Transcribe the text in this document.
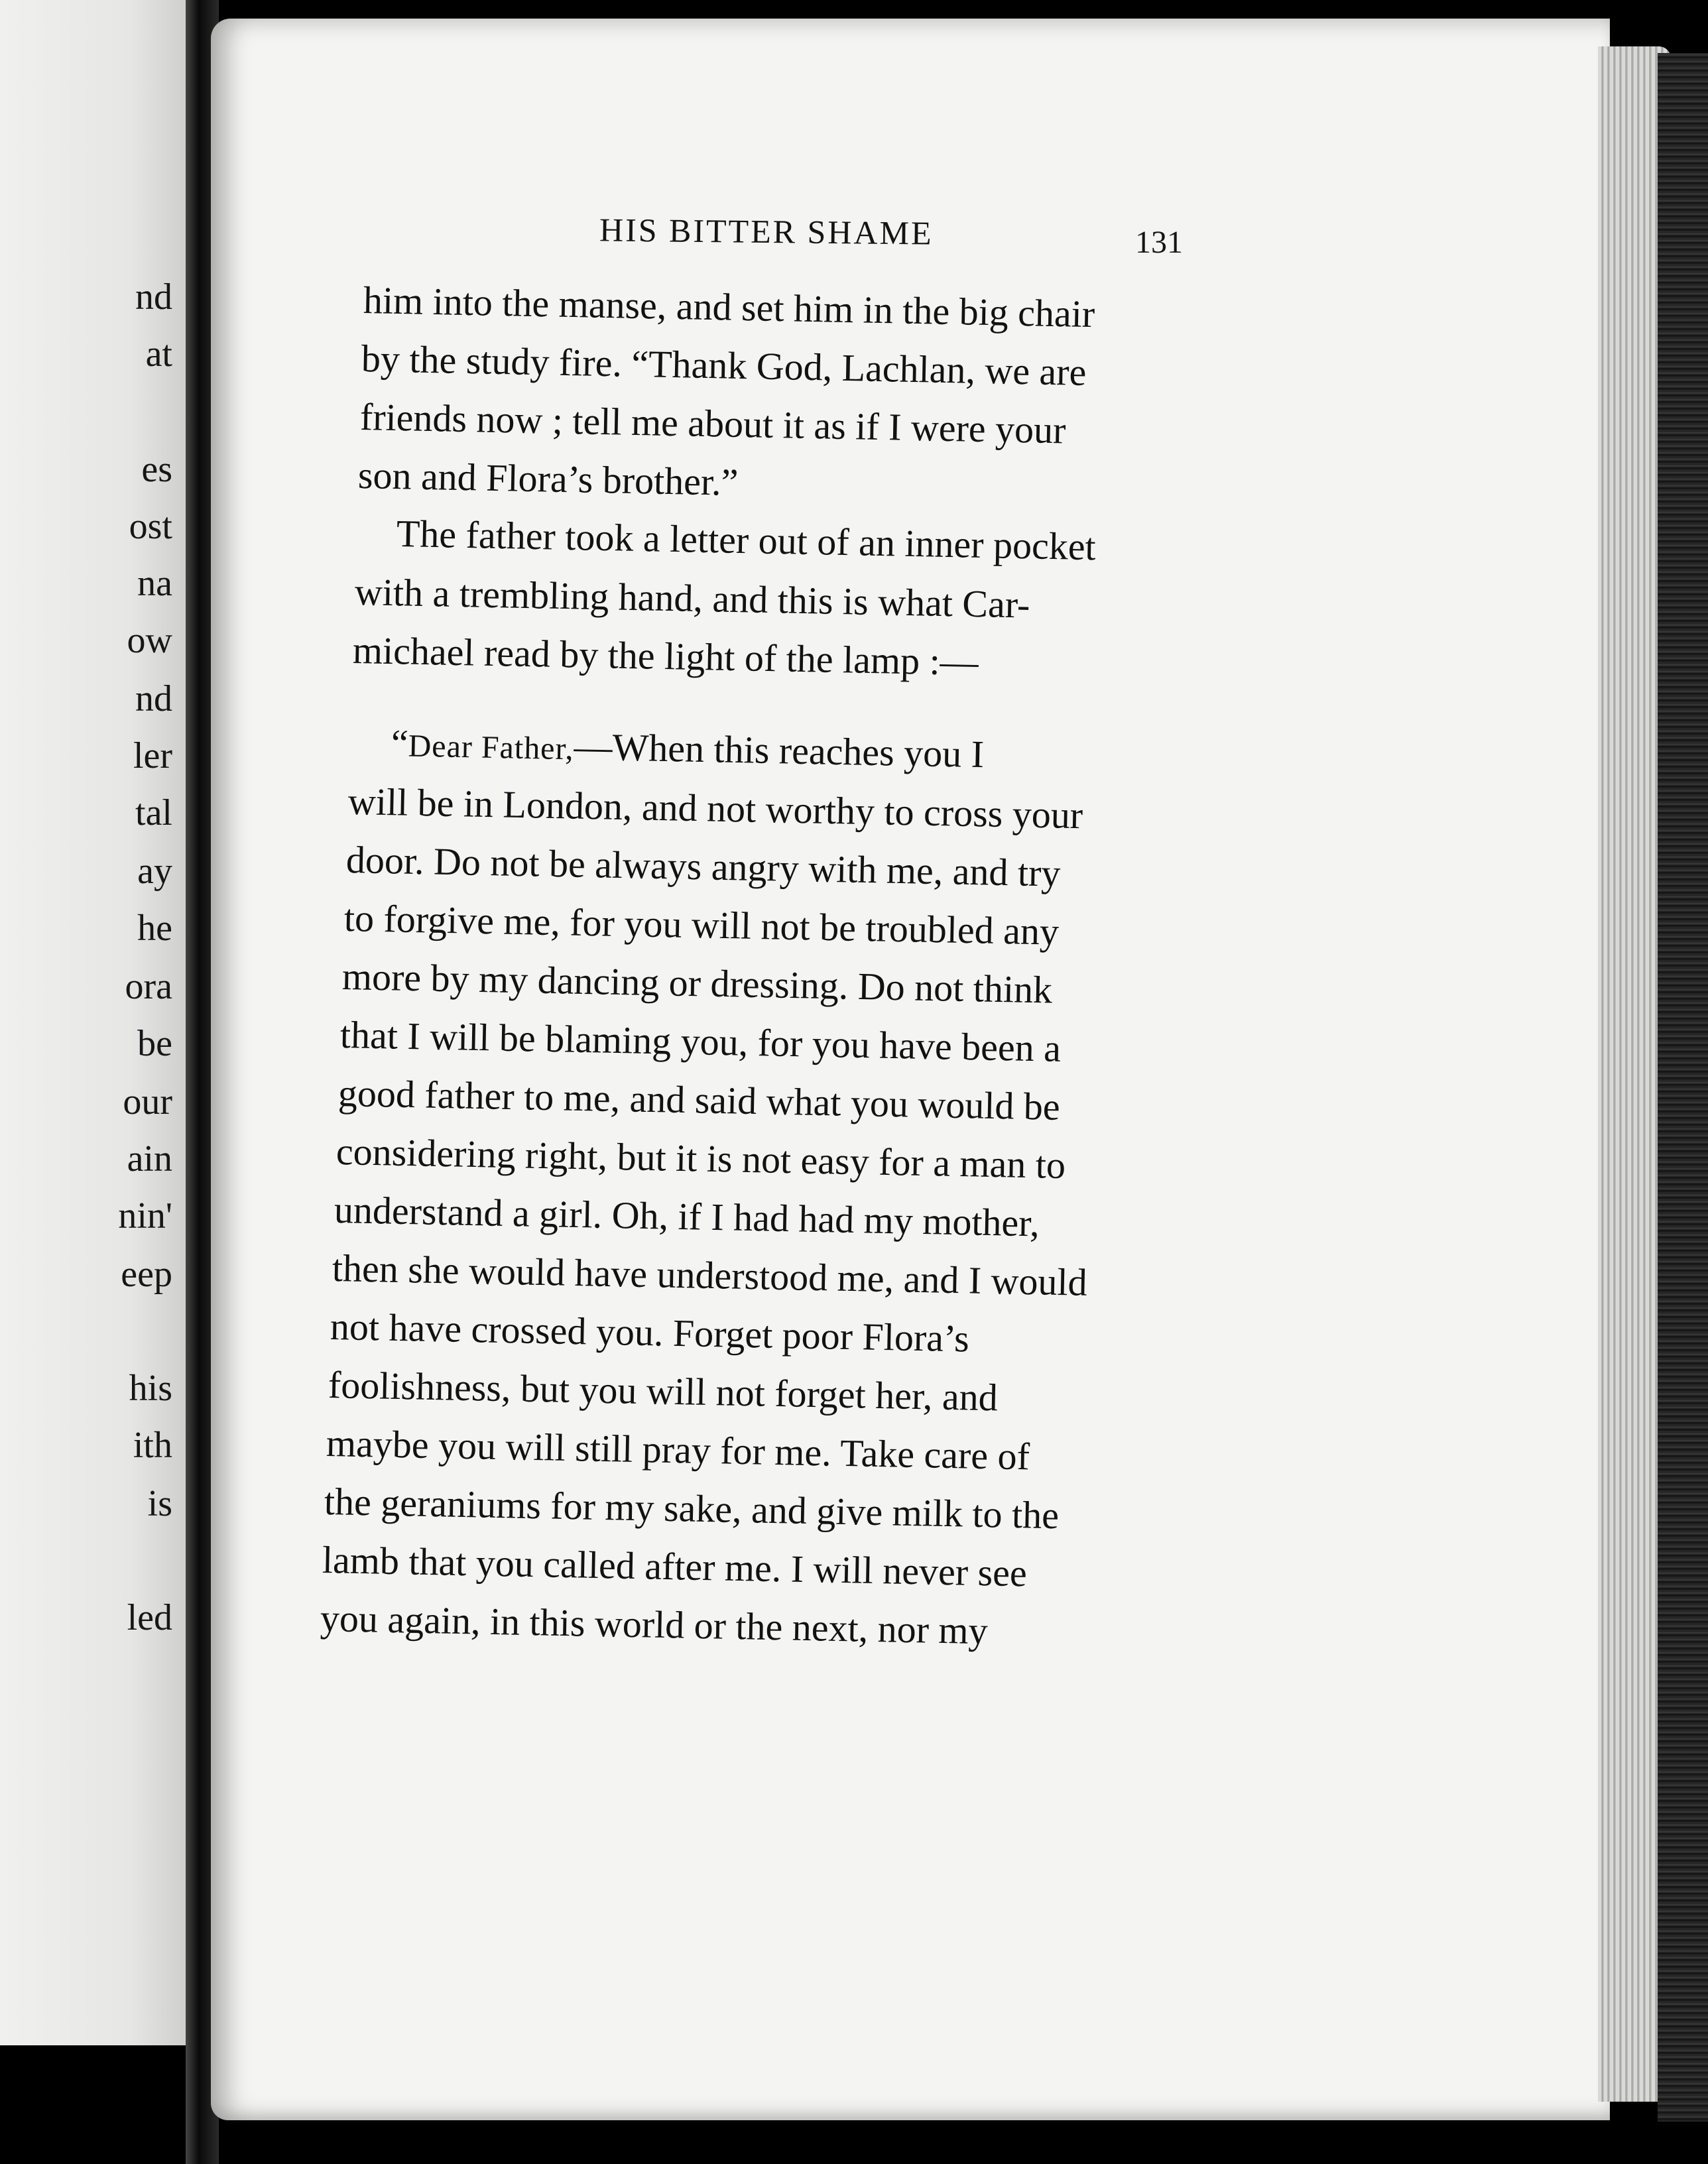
nd
at
es
ost
na
ow
nd
ler
tal
ay
he
ora
be
our
ain
nin'
eep
his
ith
is
led
HIS BITTER SHAME	131
him into the manse, and set him in the big chair
by the study fire. “Thank God, Lachlan, we are
friends now ; tell me about it as if I were your
son and Flora’s brother.”
The father took a letter out of an inner pocket
with a trembling hand, and this is what Car-
michael read by the light of the lamp :—
“Dear Father,—When this reaches you I
will be in London, and not worthy to cross your
door. Do not be always angry with me, and try
to forgive me, for you will not be troubled any
more by my dancing or dressing. Do not think
that I will be blaming you, for you have been a
good father to me, and said what you would be
considering right, but it is not easy for a man to
understand a girl. Oh, if I had had my mother,
then she would have understood me, and I would
not have crossed you. Forget poor Flora’s
foolishness, but you will not forget her, and
maybe you will still pray for me. Take care of
the geraniums for my sake, and give milk to the
lamb that you called after me. I will never see
you again, in this world or the next, nor my
